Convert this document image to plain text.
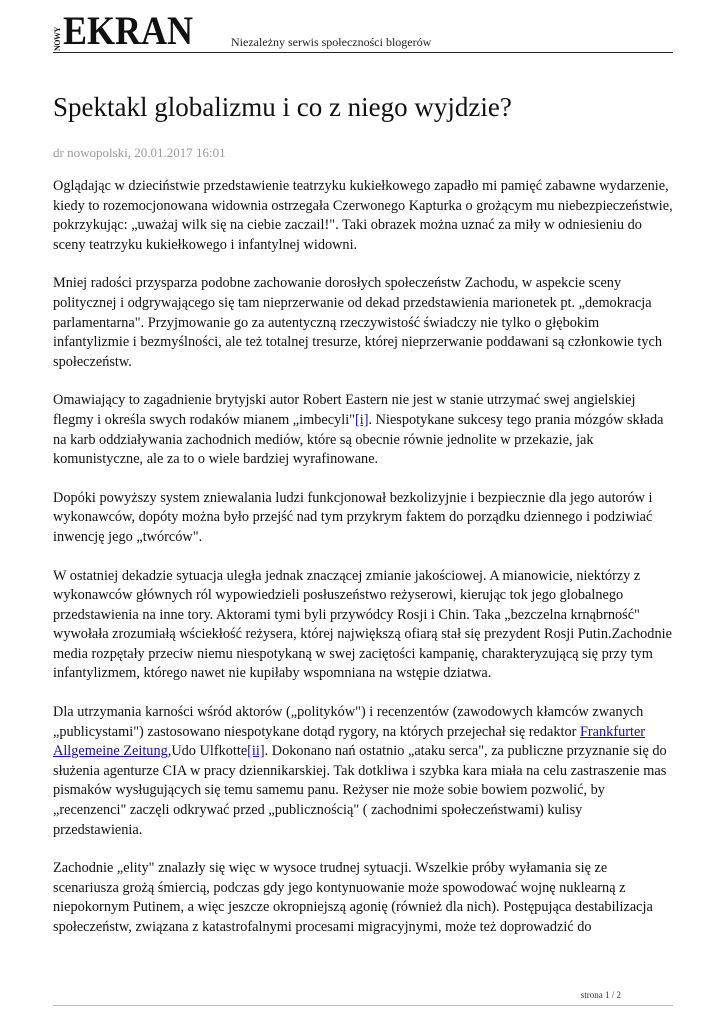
NOWY EKRAN	Niezależny serwis społeczności blogerów
Spektakl globalizmu i co z niego wyjdzie?
dr nowopolski, 20.01.2017 16:01

Oglądając w dzieciństwie przedstawienie teatrzyku kukiełkowego zapadło mi pamięć zabawne wydarzenie, kiedy to rozemocjonowana widownia ostrzegała Czerwonego Kapturka o grożącym mu niebezpieczeństwie, pokrzykując: „uważaj wilk się na ciebie zaczail!". Taki obrazek można uznać za miły w odniesieniu do sceny teatrzyku kukiełkowego i infantylnej widowni.

Mniej radości przysparza podobne zachowanie dorosłych społeczeństw Zachodu, w aspekcie sceny politycznej i odgrywającego się tam nieprzerwanie od dekad przedstawienia marionetek pt. „demokracja parlamentarna". Przyjmowanie go za autentyczną rzeczywistość świadczy nie tylko o głębokim infantylizmie i bezmyślności, ale też totalnej tresurze, której nieprzerwanie poddawani są członkowie tych społeczeństw.

Omawiający to zagadnienie brytyjski autor Robert Eastern nie jest w stanie utrzymać swej angielskiej flegmy i określa swych rodaków mianem „imbecyli"[i]. Niespotykane sukcesy tego prania mózgów składa na karb oddziaływania zachodnich mediów, które są obecnie równie jednolite w przekazie, jak komunistyczne, ale za to o wiele bardziej wyrafinowane.

Dopóki powyższy system zniewalania ludzi funkcjonował bezkolizyjnie i bezpiecznie dla jego autorów i wykonawców, dopóty można było przejść nad tym przykrym faktem do porządku dziennego i podziwiać inwencję jego „twórców".

W ostatniej dekadzie sytuacja uległa jednak znaczącej zmianie jakościowej. A mianowicie, niektórzy z wykonawców głównych ról wypowiedzieli posłuszeństwo reżyserowi, kierując tok jego globalnego przedstawienia na inne tory. Aktorami tymi byli przywódcy Rosji i Chin. Taka „bezczelna krnąbrność" wywołała zrozumiałą wściekłość reżysera, której największą ofiarą stał się prezydent Rosji Putin.Zachodnie media rozpętały przeciw niemu niespotykaną w swej zaciętości kampanię, charakteryzującą się przy tym infantylizmem, którego nawet nie kupiłaby wspomniana na wstępie dziatwa.

Dla utrzymania karności wśród aktorów („polityków") i recenzentów (zawodowych kłamców zwanych „publicystami") zastosowano niespotykane dotąd rygory, na których przejechał się redaktor Frankfurter Allgemeine Zeitung,Udo Ulfkotte[ii]. Dokonano nań ostatnio „ataku serca", za publiczne przyznanie się do służenia agenturze CIA w pracy dziennikarskiej. Tak dotkliwa i szybka kara miała na celu zastraszenie mas pismaków wysługujących się temu samemu panu. Reżyser nie może sobie bowiem pozwolić, by „recenzenci" zaczęli odkrywać przed „publicznością" ( zachodnimi społeczeństwami) kulisy przedstawienia.

Zachodnie „elity" znalazły się więc w wysoce trudnej sytuacji. Wszelkie próby wyłamania się ze scenariusza grożą śmiercią, podczas gdy jego kontynuowanie może spowodować wojnę nuklearną z niepokornym Putinem, a więc jeszcze okropniejszą agonię (również dla nich). Postępująca destabilizacja społeczeństw, związana z katastrofalnymi procesami migracyjnymi, może też doprowadzić do

strona 1 / 2
